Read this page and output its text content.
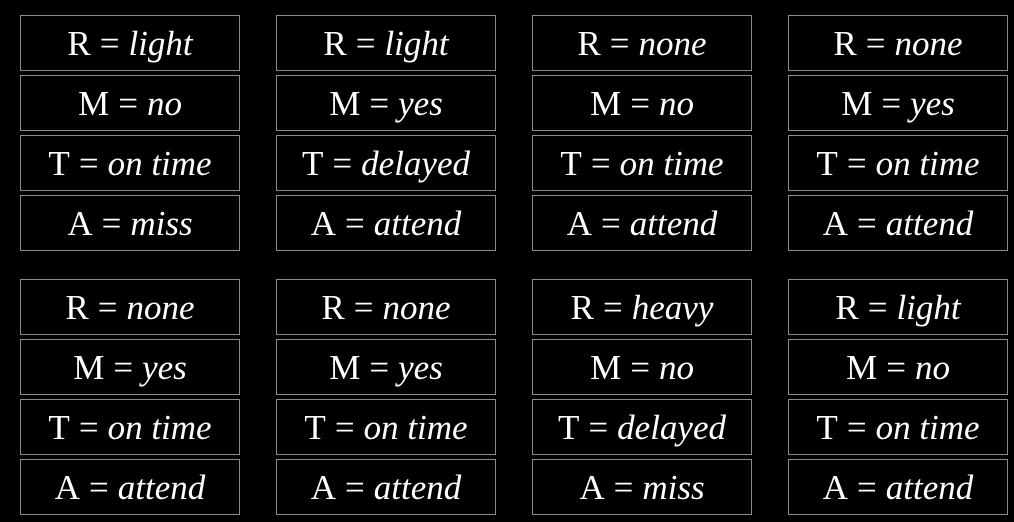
R = light
M = no
T = on time
A = miss
R = light
M = yes
T = delayed
A = attend
R = none
M = no
T = on time
A = attend
R = none
M = yes
T = on time
A = attend
R = none
M = yes
T = on time
A = attend
R = none
M = yes
T = on time
A = attend
R = heavy
M = no
T = delayed
A = miss
R = light
M = no
T = on time
A = attend
